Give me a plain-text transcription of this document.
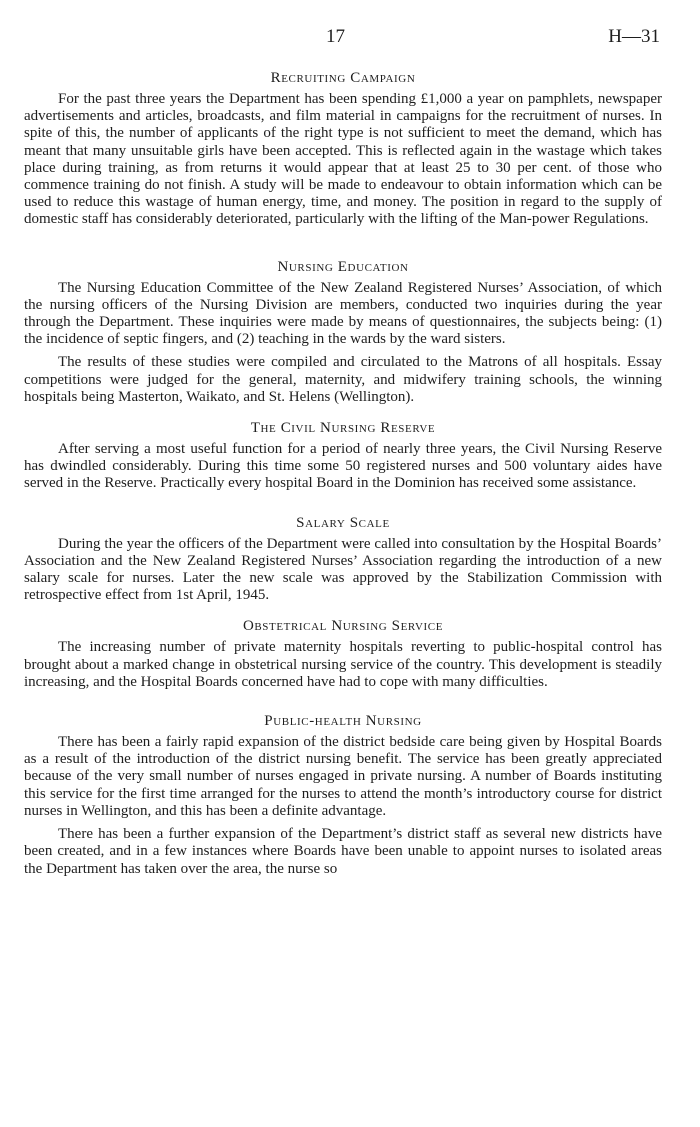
17	H—31
Recruiting Campaign

For the past three years the Department has been spending £1,000 a year on pamphlets, newspaper advertisements and articles, broadcasts, and film material in campaigns for the recruitment of nurses. In spite of this, the number of applicants of the right type is not sufficient to meet the demand, which has meant that many unsuitable girls have been accepted. This is reflected again in the wastage which takes place during training, as from returns it would appear that at least 25 to 30 per cent. of those who commence training do not finish. A study will be made to endeavour to obtain information which can be used to reduce this wastage of human energy, time, and money. The position in regard to the supply of domestic staff has considerably deteriorated, particularly with the lifting of the Man-power Regulations.

Nursing Education

The Nursing Education Committee of the New Zealand Registered Nurses’ Association, of which the nursing officers of the Nursing Division are members, conducted two inquiries during the year through the Department. These inquiries were made by means of questionnaires, the subjects being: (1) the incidence of septic fingers, and (2) teaching in the wards by the ward sisters.

The results of these studies were compiled and circulated to the Matrons of all hospitals. Essay competitions were judged for the general, maternity, and midwifery training schools, the winning hospitals being Masterton, Waikato, and St. Helens (Wellington).

The Civil Nursing Reserve

After serving a most useful function for a period of nearly three years, the Civil Nursing Reserve has dwindled considerably. During this time some 50 registered nurses and 500 voluntary aides have served in the Reserve. Practically every hospital Board in the Dominion has received some assistance.

Salary Scale

During the year the officers of the Department were called into consultation by the Hospital Boards’ Association and the New Zealand Registered Nurses’ Association regarding the introduction of a new salary scale for nurses. Later the new scale was approved by the Stabilization Commission with retrospective effect from 1st April, 1945.

Obstetrical Nursing Service

The increasing number of private maternity hospitals reverting to public-hospital control has brought about a marked change in obstetrical nursing service of the country. This development is steadily increasing, and the Hospital Boards concerned have had to cope with many difficulties.

Public-health Nursing

There has been a fairly rapid expansion of the district bedside care being given by Hospital Boards as a result of the introduction of the district nursing benefit. The service has been greatly appreciated because of the very small number of nurses engaged in private nursing. A number of Boards instituting this service for the first time arranged for the nurses to attend the month’s introductory course for district nurses in Wellington, and this has been a definite advantage.

There has been a further expansion of the Department’s district staff as several new districts have been created, and in a few instances where Boards have been unable to appoint nurses to isolated areas the Department has taken over the area, the nurse so
